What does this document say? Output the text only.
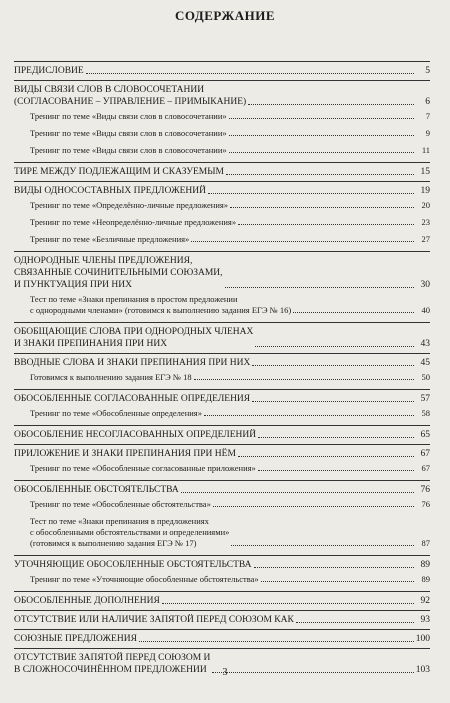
СОДЕРЖАНИЕ
ПРЕДИСЛОВИЕ	5
ВИДЫ СВЯЗИ СЛОВ В СЛОВОСОЧЕТАНИИ
(СОГЛАСОВАНИЕ – УПРАВЛЕНИЕ – ПРИМЫКАНИЕ)	6
Тренинг по теме «Виды связи слов в словосочетании»	7
Тренинг по теме «Виды связи слов в словосочетании»	9
Тренинг по теме «Виды связи слов в словосочетании»	11
ТИРЕ МЕЖДУ ПОДЛЕЖАЩИМ И СКАЗУЕМЫМ	15
ВИДЫ ОДНОСОСТАВНЫХ ПРЕДЛОЖЕНИЙ	19
Тренинг по теме «Определённо-личные предложения»	20
Тренинг по теме «Неопределённо-личные предложения»	23
Тренинг по теме «Безличные предложения»	27
ОДНОРОДНЫЕ ЧЛЕНЫ ПРЕДЛОЖЕНИЯ,
СВЯЗАННЫЕ СОЧИНИТЕЛЬНЫМИ СОЮЗАМИ,
И ПУНКТУАЦИЯ ПРИ НИХ	30
Тест по теме «Знаки препинания в простом предложении
с однородными членами» (готовимся к выполнению задания ЕГЭ № 16)	40
ОБОБЩАЮЩИЕ СЛОВА ПРИ ОДНОРОДНЫХ ЧЛЕНАХ
И ЗНАКИ ПРЕПИНАНИЯ ПРИ НИХ	43
ВВОДНЫЕ СЛОВА И ЗНАКИ ПРЕПИНАНИЯ ПРИ НИХ	45
Готовимся к выполнению задания ЕГЭ № 18	50
ОБОСОБЛЕННЫЕ СОГЛАСОВАННЫЕ ОПРЕДЕЛЕНИЯ	57
Тренинг по теме «Обособленные определения»	58
ОБОСОБЛЕНИЕ НЕСОГЛАСОВАННЫХ ОПРЕДЕЛЕНИЙ	65
ПРИЛОЖЕНИЕ И ЗНАКИ ПРЕПИНАНИЯ ПРИ НЁМ	67
Тренинг по теме «Обособленные согласованные приложения»	67
ОБОСОБЛЕННЫЕ ОБСТОЯТЕЛЬСТВА	76
Тренинг по теме «Обособленные обстоятельства»	76
Тест по теме «Знаки препинания в предложениях
с обособленными обстоятельствами и определениями»
(готовимся к выполнению задания ЕГЭ № 17)	87
УТОЧНЯЮЩИЕ ОБОСОБЛЕННЫЕ ОБСТОЯТЕЛЬСТВА	89
Тренинг по теме «Уточняющие обособленные обстоятельства»	89
ОБОСОБЛЕННЫЕ ДОПОЛНЕНИЯ	92
ОТСУТСТВИЕ ИЛИ НАЛИЧИЕ ЗАПЯТОЙ ПЕРЕД СОЮЗОМ КАК	93
СОЮЗНЫЕ ПРЕДЛОЖЕНИЯ	100
ОТСУТСТВИЕ ЗАПЯТОЙ ПЕРЕД СОЮЗОМ И
В СЛОЖНОСОЧИНЁННОМ ПРЕДЛОЖЕНИИ	103
3
